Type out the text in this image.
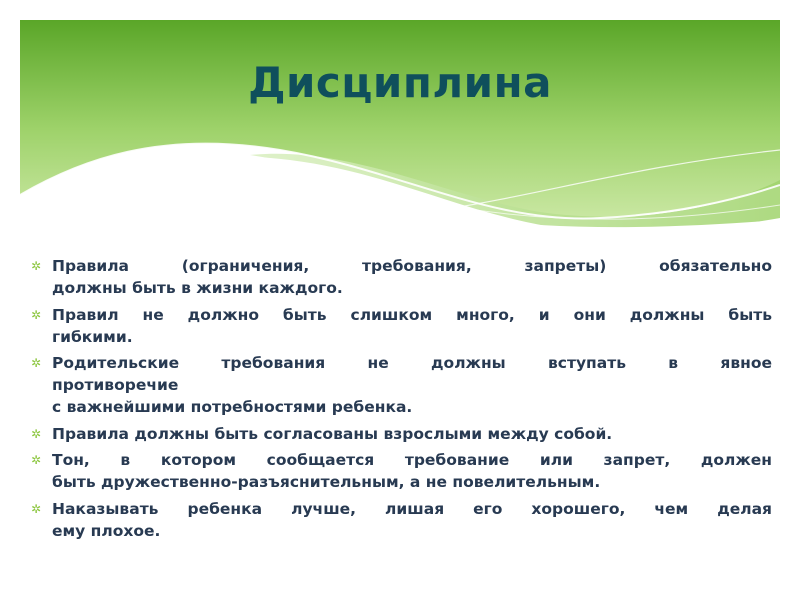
Дисциплина
✲ Правила (ограничения, требования, запреты) обязательно
должны быть в жизни каждого.
✲ Правил не должно быть слишком много, и они должны быть
гибкими.
✲ Родительские требования не должны вступать в явное
противоречие
с важнейшими потребностями ребенка.
✲ Правила должны быть согласованы взрослыми между собой.
✲ Тон, в котором сообщается требование или запрет, должен
быть дружественно-разъяснительным, а не повелительным.
✲ Наказывать ребенка лучше, лишая его хорошего, чем делая
ему плохое.
